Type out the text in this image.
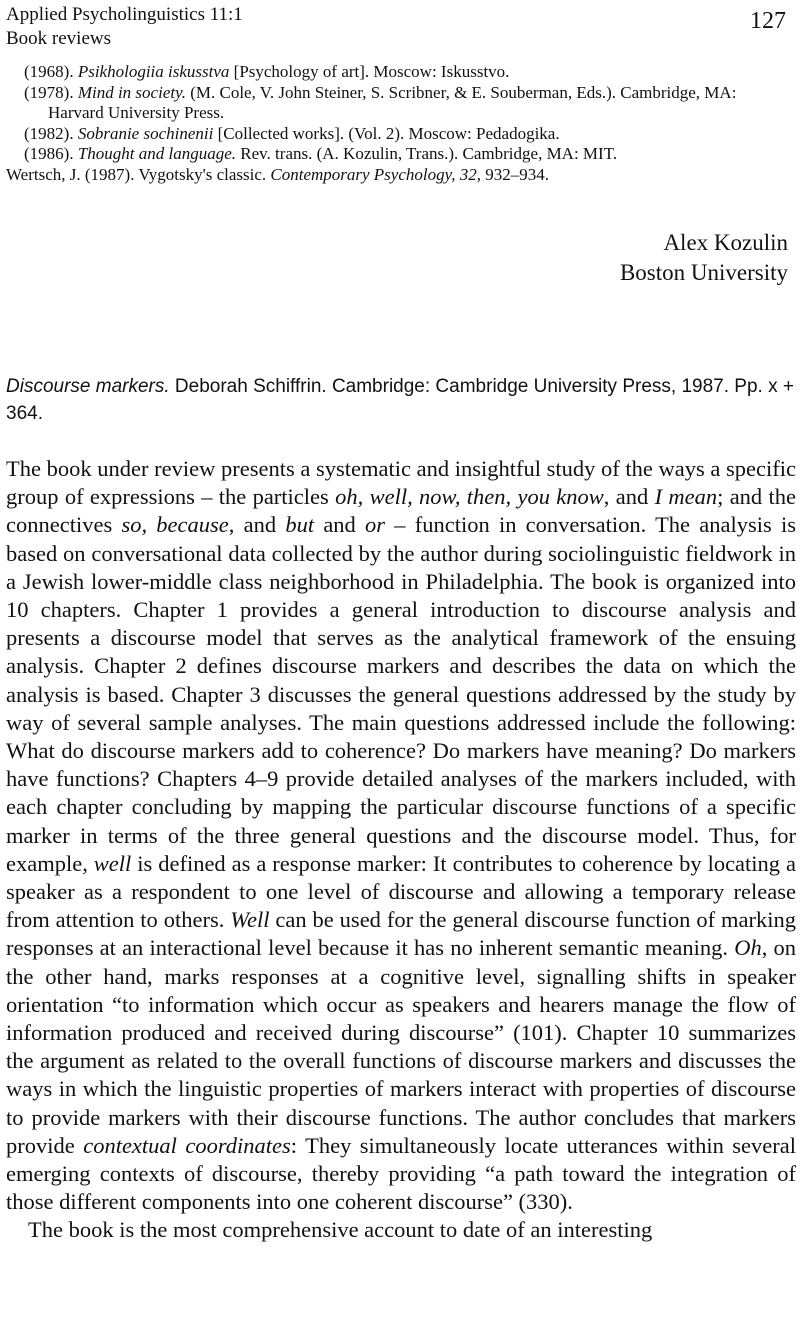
Applied Psycholinguistics 11:1
Book reviews
127
(1968). Psikhologiia iskusstva [Psychology of art]. Moscow: Iskusstvo.
(1978). Mind in society. (M. Cole, V. John Steiner, S. Scribner, & E. Souberman, Eds.). Cambridge, MA: Harvard University Press.
(1982). Sobranie sochinenii [Collected works]. (Vol. 2). Moscow: Pedadogika.
(1986). Thought and language. Rev. trans. (A. Kozulin, Trans.). Cambridge, MA: MIT.
Wertsch, J. (1987). Vygotsky's classic. Contemporary Psychology, 32, 932–934.
Alex Kozulin
Boston University
Discourse markers. Deborah Schiffrin. Cambridge: Cambridge University Press, 1987. Pp. x + 364.

The book under review presents a systematic and insightful study of the ways a specific group of expressions – the particles oh, well, now, then, you know, and I mean; and the connectives so, because, and but and or – function in conversation. The analysis is based on conversational data collected by the author during sociolinguistic fieldwork in a Jewish lower-middle class neighborhood in Philadelphia. The book is organized into 10 chapters. Chapter 1 provides a general introduction to discourse analysis and presents a discourse model that serves as the analytical framework of the ensuing analysis. Chapter 2 defines discourse markers and describes the data on which the analysis is based. Chapter 3 discusses the general questions addressed by the study by way of several sample analyses. The main questions addressed include the following: What do discourse markers add to coherence? Do markers have meaning? Do markers have functions? Chapters 4–9 provide detailed analyses of the markers included, with each chapter concluding by mapping the particular discourse functions of a specific marker in terms of the three general questions and the discourse model. Thus, for example, well is defined as a response marker: It contributes to coherence by locating a speaker as a respondent to one level of discourse and allowing a temporary release from attention to others. Well can be used for the general discourse function of marking responses at an interactional level because it has no inherent semantic meaning. Oh, on the other hand, marks responses at a cognitive level, signalling shifts in speaker orientation “to information which occur as speakers and hearers manage the flow of information produced and received during discourse” (101). Chapter 10 summarizes the argument as related to the overall functions of discourse markers and discusses the ways in which the linguistic properties of markers interact with properties of discourse to provide markers with their discourse functions. The author concludes that markers provide contextual coordinates: They simultaneously locate utterances within several emerging contexts of discourse, thereby providing “a path toward the integration of those different components into one coherent discourse” (330).

The book is the most comprehensive account to date of an interesting
